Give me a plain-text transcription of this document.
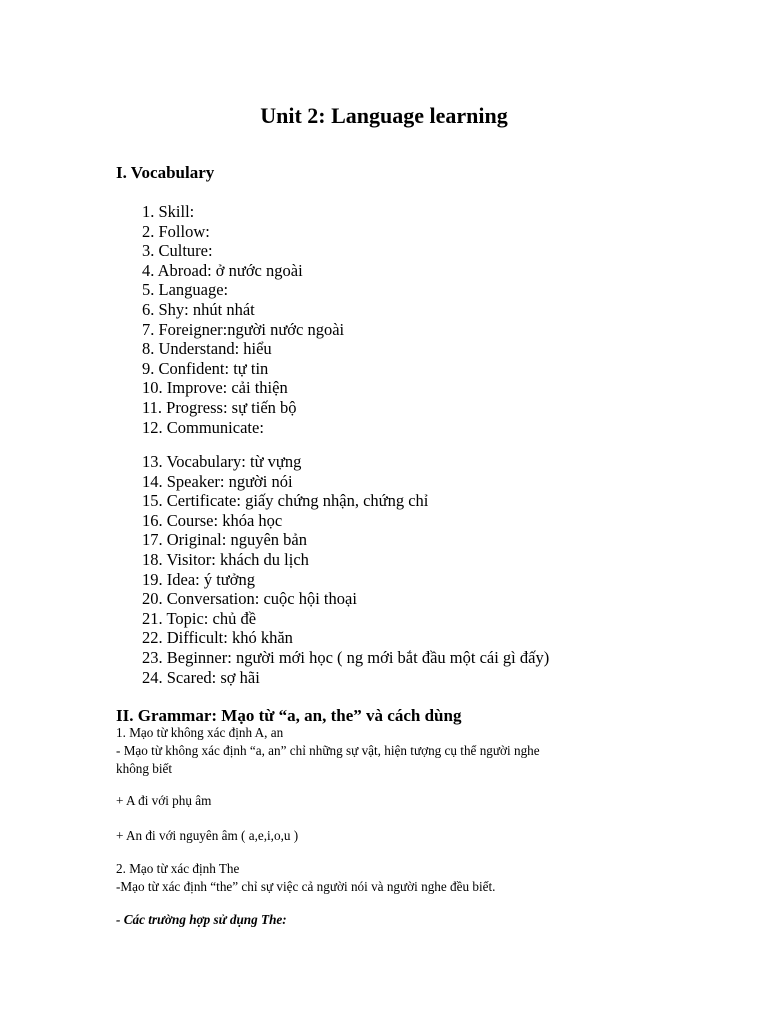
Unit 2: Language learning
I. Vocabulary
1. Skill:
2. Follow:
3. Culture:
4. Abroad: ở nước ngoài
5. Language:
6. Shy: nhút nhát
7. Foreigner:người nước ngoài
8. Understand: hiểu
9. Confident: tự tin
10. Improve: cải thiện
11. Progress: sự tiến bộ
12. Communicate:
13. Vocabulary: từ vựng
14. Speaker: người nói
15. Certificate: giấy chứng nhận, chứng chỉ
16. Course: khóa học
17. Original: nguyên bản
18. Visitor: khách du lịch
19. Idea: ý tưởng
20. Conversation: cuộc hội thoại
21. Topic: chủ đề
22. Difficult: khó khăn
23. Beginner: người mới học ( ng mới bắt đầu một cái gì đấy)
24. Scared: sợ hãi
II. Grammar: Mạo từ “a, an, the” và cách dùng
1. Mạo từ không xác định A, an
- Mạo từ không xác định “a, an” chỉ những sự vật, hiện tượng cụ thể người nghe
không biết
+ A đi với phụ âm
+ An đi với nguyên âm ( a,e,i,o,u )
2. Mạo từ xác định The
-Mạo từ xác định “the” chỉ sự việc cả người nói và người nghe đều biết.
- Các trường hợp sử dụng The:
